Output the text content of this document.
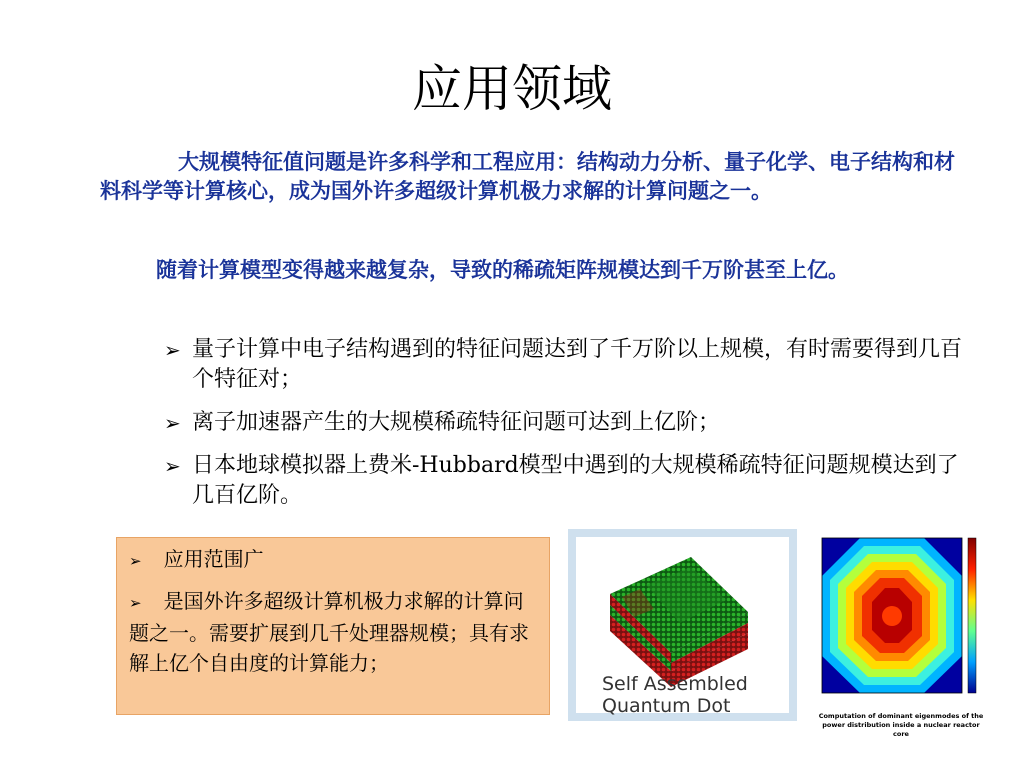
应用领域
大规模特征值问题是许多科学和工程应用：结构动力分析、量子化学、电子结构和材料科学等计算核心，成为国外许多超级计算机极力求解的计算问题之一。
随着计算模型变得越来越复杂，导致的稀疏矩阵规模达到千万阶甚至上亿。
➢ 量子计算中电子结构遇到的特征问题达到了千万阶以上规模，有时需要得到几百个特征对；
➢ 离子加速器产生的大规模稀疏特征问题可达到上亿阶；
➢ 日本地球模拟器上费米-Hubbard模型中遇到的大规模稀疏特征问题规模达到了几百亿阶。
➢ 应用范围广
➢ 是国外许多超级计算机极力求解的计算问题之一。需要扩展到几千处理器规模；具有求解上亿个自由度的计算能力；
Self Assembled
Quantum Dot	Computation of dominant eigenmodes of the power distribution inside a nuclear reactor core
